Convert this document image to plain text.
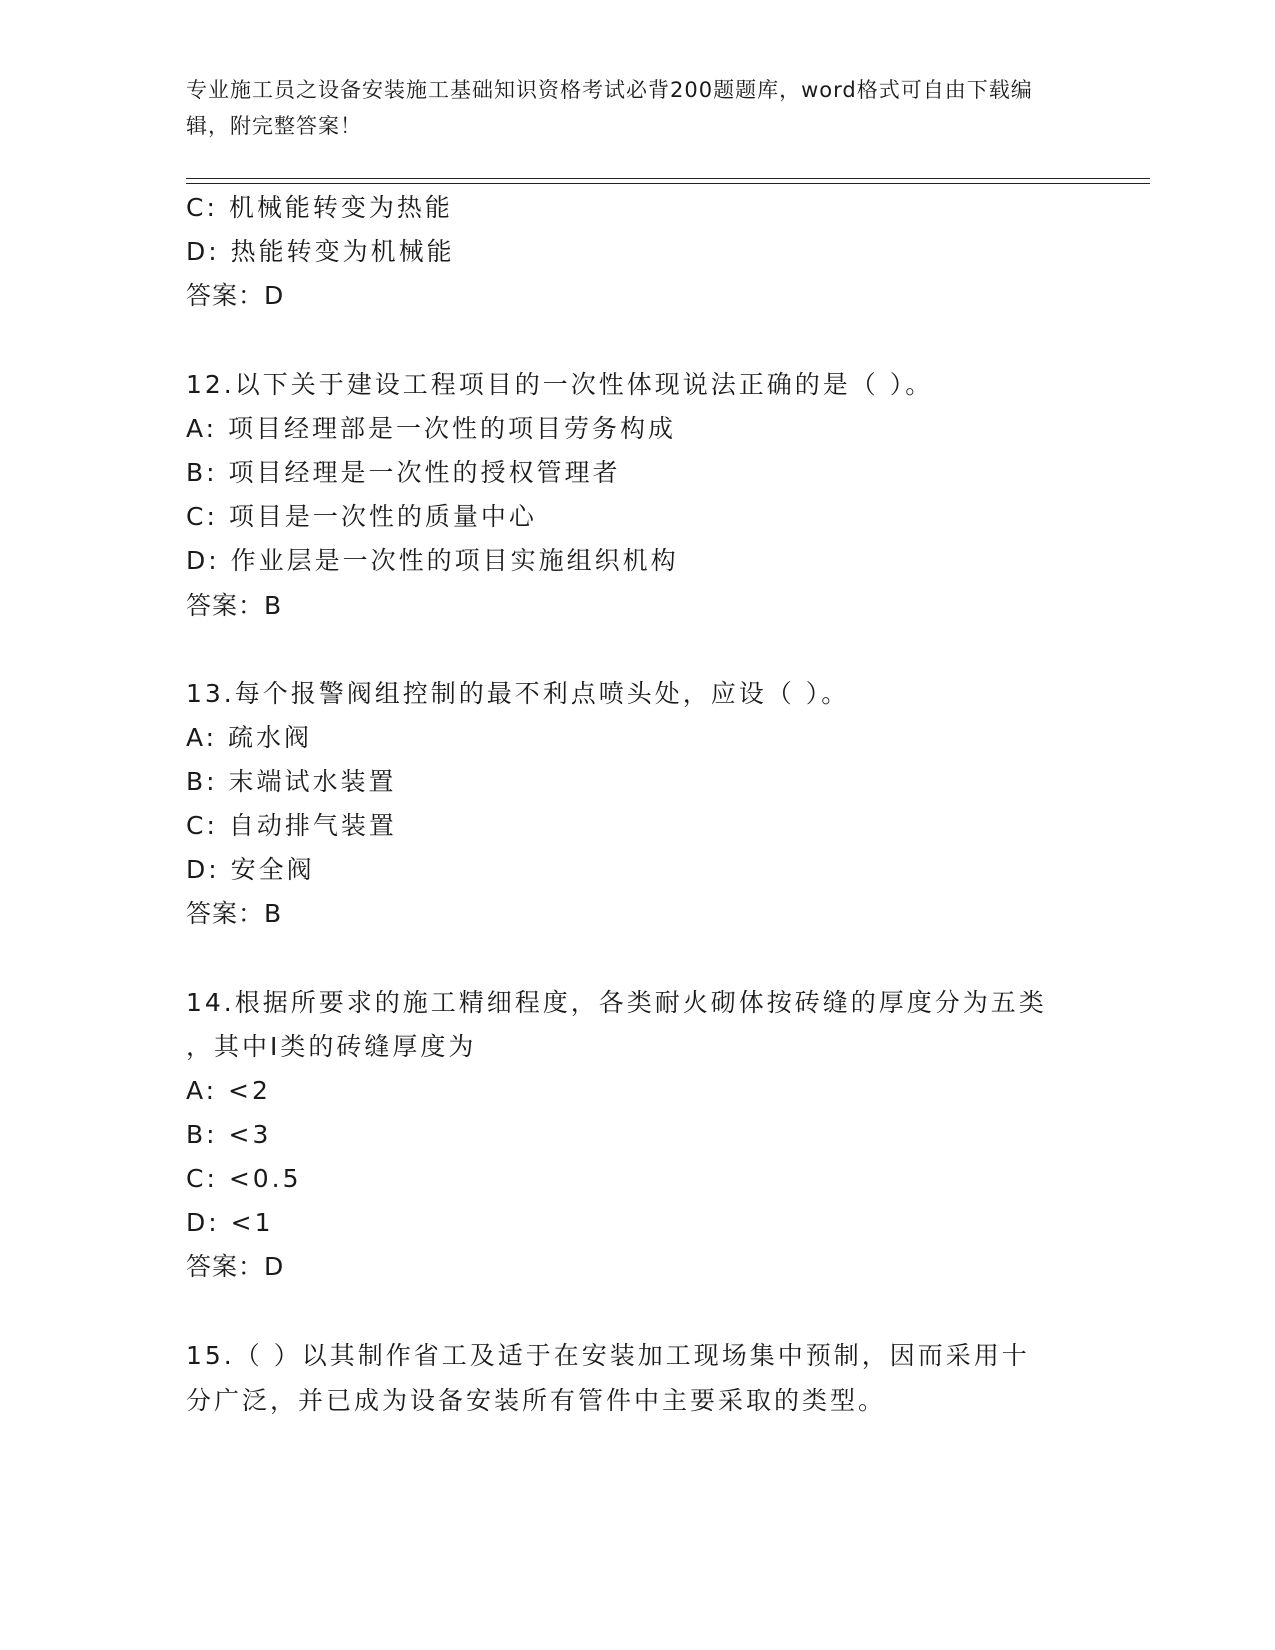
专业施工员之设备安装施工基础知识资格考试必背200题题库，word格式可自由下载编辑，附完整答案！
C: 机械能转变为热能
D: 热能转变为机械能
答案：D
12.以下关于建设工程项目的一次性体现说法正确的是（ ）。
A: 项目经理部是一次性的项目劳务构成
B: 项目经理是一次性的授权管理者
C: 项目是一次性的质量中心
D: 作业层是一次性的项目实施组织机构
答案：B
13.每个报警阀组控制的最不利点喷头处，应设（ ）。
A: 疏水阀
B: 末端试水装置
C: 自动排气装置
D: 安全阀
答案：B
14.根据所要求的施工精细程度，各类耐火砌体按砖缝的厚度分为五类
，其中Ⅰ类的砖缝厚度为
A: <2
B: <3
C: <0.5
D: <1
答案：D
15.（ ）以其制作省工及适于在安装加工现场集中预制，因而采用十
分广泛，并已成为设备安装所有管件中主要采取的类型。
